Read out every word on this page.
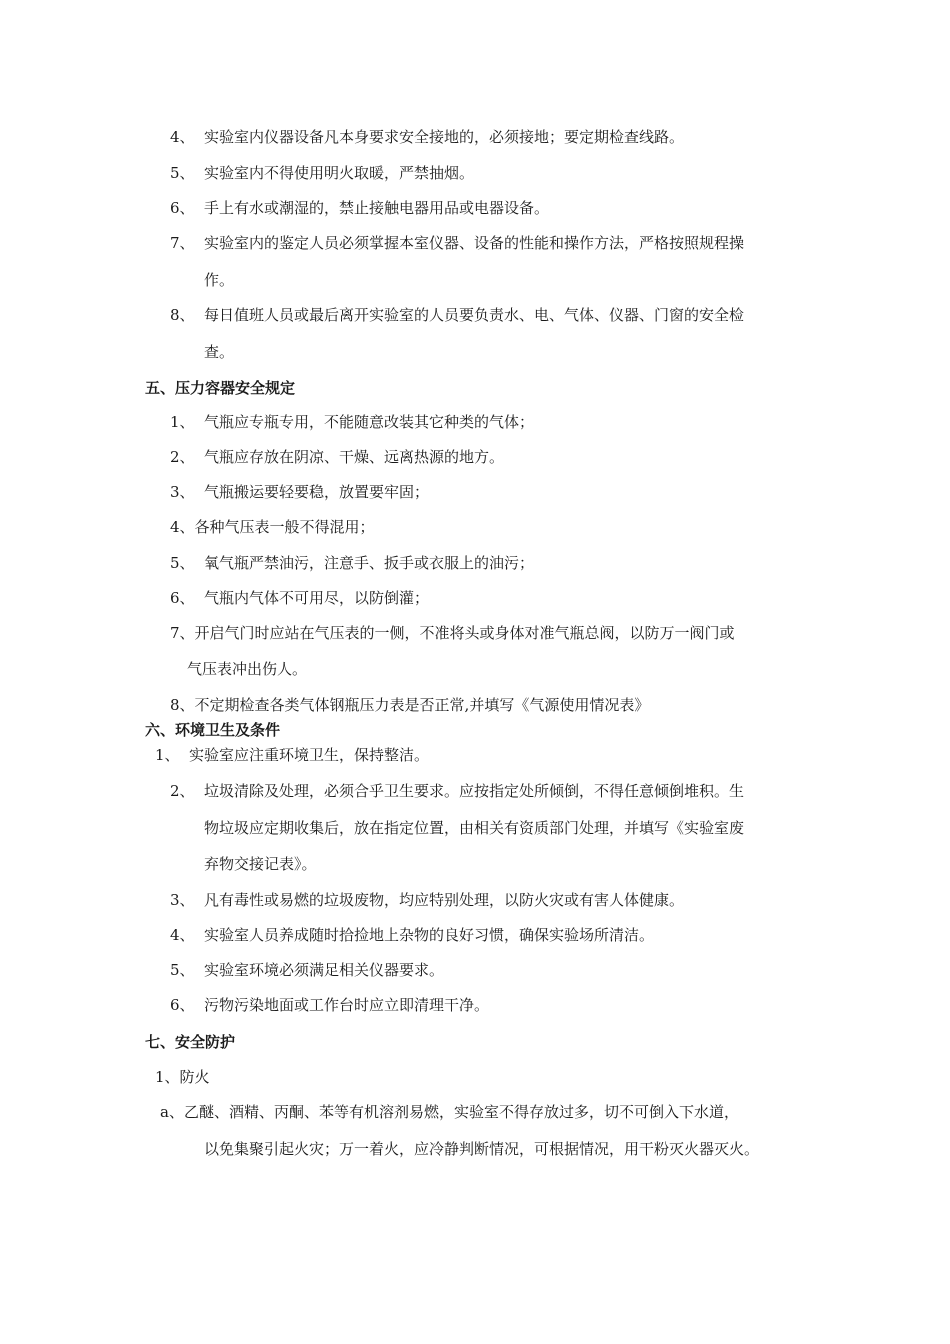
4、 实验室内仪器设备凡本身要求安全接地的，必须接地；要定期检查线路。
5、 实验室内不得使用明火取暖，严禁抽烟。
6、 手上有水或潮湿的，禁止接触电器用品或电器设备。
7、 实验室内的鉴定人员必须掌握本室仪器、设备的性能和操作方法，严格按照规程操
作。
8、 每日值班人员或最后离开实验室的人员要负责水、电、气体、仪器、门窗的安全检
查。
五、压力容器安全规定
1、 气瓶应专瓶专用，不能随意改装其它种类的气体；
2、 气瓶应存放在阴凉、干燥、远离热源的地方。
3、 气瓶搬运要轻要稳，放置要牢固；
4、各种气压表一般不得混用；
5、 氧气瓶严禁油污，注意手、扳手或衣服上的油污；
6、 气瓶内气体不可用尽，以防倒灌；
7、开启气门时应站在气压表的一侧，不准将头或身体对准气瓶总阀，以防万一阀门或
气压表冲出伤人。
8、不定期检查各类气体钢瓶压力表是否正常,并填写《气源使用情况表》
六、环境卫生及条件
1、 实验室应注重环境卫生，保持整洁。
2、 垃圾清除及处理，必须合乎卫生要求。应按指定处所倾倒，不得任意倾倒堆积。生
物垃圾应定期收集后，放在指定位置，由相关有资质部门处理，并填写《实验室废
弃物交接记表》。
3、 凡有毒性或易燃的垃圾废物，均应特别处理，以防火灾或有害人体健康。
4、 实验室人员养成随时拾捡地上杂物的良好习惯，确保实验场所清洁。
5、 实验室环境必须满足相关仪器要求。
6、 污物污染地面或工作台时应立即清理干净。
七、安全防护
1、防火
a、乙醚、酒精、丙酮、苯等有机溶剂易燃，实验室不得存放过多，切不可倒入下水道，
以免集聚引起火灾；万一着火，应冷静判断情况，可根据情况，用干粉灭火器灭火。
